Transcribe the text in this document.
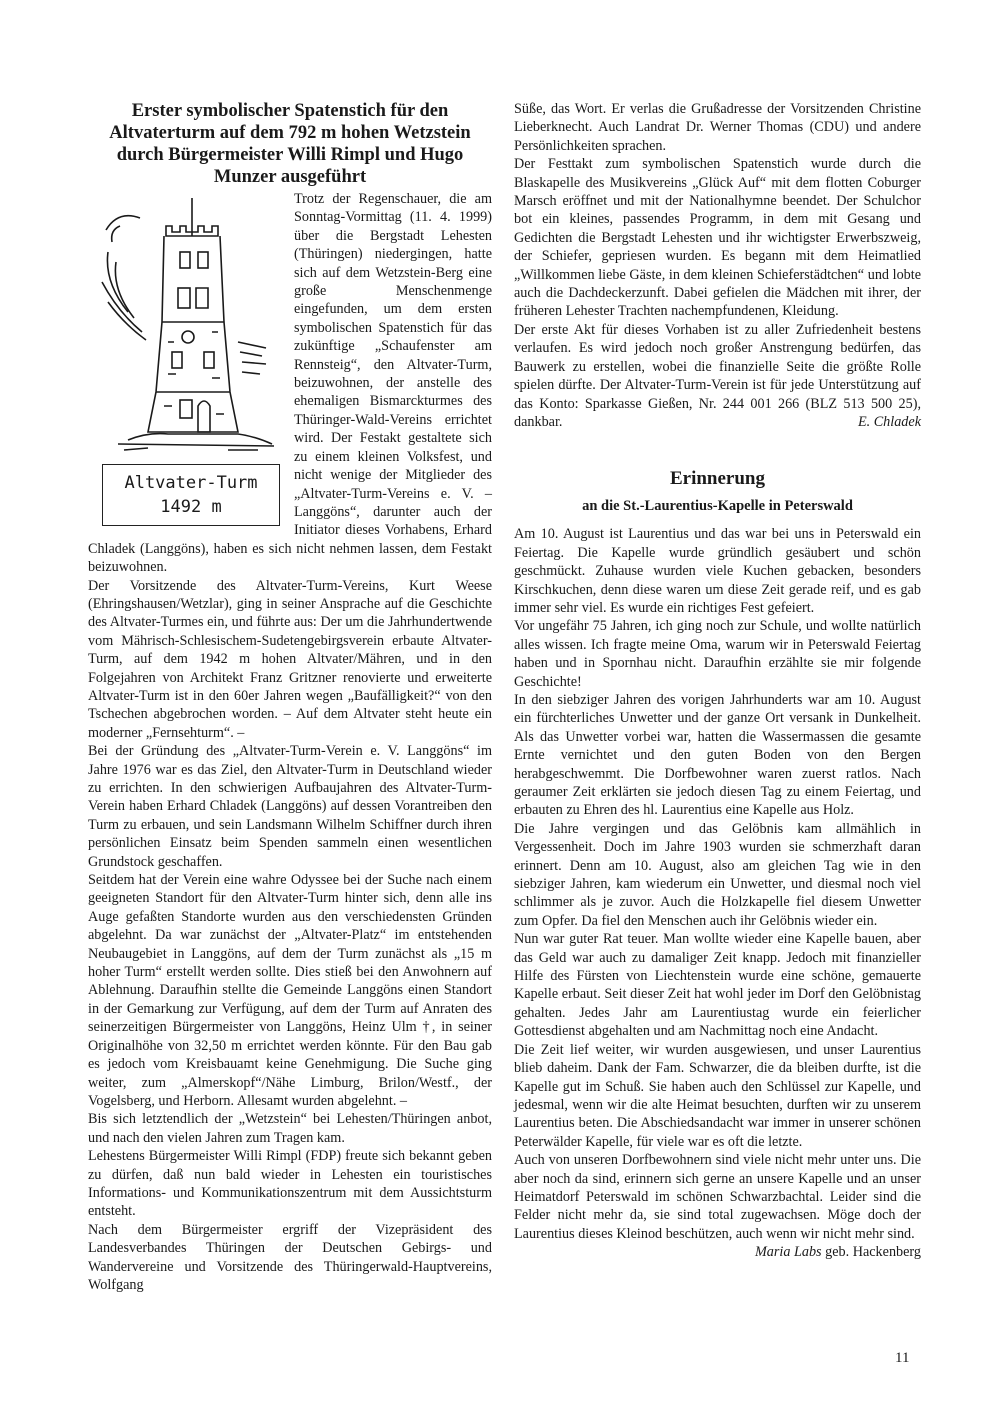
Erster symbolischer Spatenstich für den Altvaterturm auf dem 792 m hohen Wetzstein durch Bürgermeister Willi Rimpl und Hugo Munzer ausgeführt
Altvater-Turm
1492 m

Trotz der Regenschauer, die am Sonntag-Vormittag (11. 4. 1999) über die Bergstadt Lehesten (Thüringen) niedergingen, hatte sich auf dem Wetzstein-Berg eine große Menschenmenge eingefunden, um dem ersten symbolischen Spatenstich für das zukünftige „Schaufenster am Rennsteig“, den Altvater-Turm, beizuwohnen, der anstelle des ehemaligen Bismarckturmes des Thüringer-Wald-Vereins errichtet wird. Der Festakt gestaltete sich zu einem kleinen Volksfest, und nicht wenige der Mitglieder des „Altvater-Turm-Vereins e. V. – Langgöns“, darunter auch der Initiator dieses Vorhabens, Erhard Chladek (Langgöns), haben es sich nicht nehmen lassen, dem Festakt beizuwohnen.

Der Vorsitzende des Altvater-Turm-Vereins, Kurt Weese (Ehringshausen/Wetzlar), ging in seiner Ansprache auf die Geschichte des Altvater-Turmes ein, und führte aus: Der um die Jahrhundertwende vom Mährisch-Schlesischem-Sudetengebirgsverein erbaute Altvater-Turm, auf dem 1942 m hohen Altvater/Mähren, und in den Folgejahren von Architekt Franz Gritzner renovierte und erweiterte Altvater-Turm ist in den 60er Jahren wegen „Baufälligkeit?“ von den Tschechen abgebrochen worden. – Auf dem Altvater steht heute ein moderner „Fernsehturm“. –

Bei der Gründung des „Altvater-Turm-Verein e. V. Langgöns“ im Jahre 1976 war es das Ziel, den Altvater-Turm in Deutschland wieder zu errichten. In den schwierigen Aufbaujahren des Altvater-Turm-Verein haben Erhard Chladek (Langgöns) auf dessen Vorantreiben den Turm zu erbauen, und sein Landsmann Wilhelm Schiffner durch ihren persönlichen Einsatz beim Spenden sammeln einen wesentlichen Grundstock geschaffen.

Seitdem hat der Verein eine wahre Odyssee bei der Suche nach einem geeigneten Standort für den Altvater-Turm hinter sich, denn alle ins Auge gefaßten Standorte wurden aus den verschiedensten Gründen abgelehnt. Da war zunächst der „Altvater-Platz“ im entstehenden Neubaugebiet in Langgöns, auf dem der Turm zunächst als „15 m hoher Turm“ erstellt werden sollte. Dies stieß bei den Anwohnern auf Ablehnung. Daraufhin stellte die Gemeinde Langgöns einen Standort in der Gemarkung zur Verfügung, auf dem der Turm auf Anraten des seinerzeitigen Bürgermeister von Langgöns, Heinz Ulm †, in seiner Originalhöhe von 32,50 m errichtet werden könnte. Für den Bau gab es jedoch vom Kreisbauamt keine Genehmigung. Die Suche ging weiter, zum „Almerskopf“/Nähe Limburg, Brilon/Westf., der Vogelsberg, und Herborn. Allesamt wurden abgelehnt. –

Bis sich letztendlich der „Wetzstein“ bei Lehesten/Thüringen anbot, und nach den vielen Jahren zum Tragen kam.

Lehestens Bürgermeister Willi Rimpl (FDP) freute sich bekannt geben zu dürfen, daß nun bald wieder in Lehesten ein touristisches Informations- und Kommunikationszentrum mit dem Aussichtsturm entsteht.

Nach dem Bürgermeister ergriff der Vizepräsident des Landesverbandes Thüringen der Deutschen Gebirgs- und Wandervereine und Vorsitzende des Thüringerwald-Hauptvereins, Wolfgang

Süße, das Wort. Er verlas die Grußadresse der Vorsitzenden Christine Lieberknecht. Auch Landrat Dr. Werner Thomas (CDU) und andere Persönlichkeiten sprachen.

Der Festtakt zum symbolischen Spatenstich wurde durch die Blaskapelle des Musikvereins „Glück Auf“ mit dem flotten Coburger Marsch eröffnet und mit der Nationalhymne beendet. Der Schulchor bot ein kleines, passendes Programm, in dem mit Gesang und Gedichten die Bergstadt Lehesten und ihr wichtigster Erwerbszweig, der Schiefer, gepriesen wurden. Es begann mit dem Heimatlied „Willkommen liebe Gäste, in dem kleinen Schieferstädtchen“ und lobte auch die Dachdeckerzunft. Dabei gefielen die Mädchen mit ihrer, der früheren Lehester Trachten nachempfundenen, Kleidung.

Der erste Akt für dieses Vorhaben ist zu aller Zufriedenheit bestens verlaufen. Es wird jedoch noch großer Anstrengung bedürfen, das Bauwerk zu erstellen, wobei die finanzielle Seite die größte Rolle spielen dürfte. Der Altvater-Turm-Verein ist für jede Unterstützung auf das Konto: Sparkasse Gießen, Nr. 244 001 266 (BLZ 513 500 25), dankbar.	E. Chladek

Erinnerung
an die St.-Laurentius-Kapelle in Peterswald

Am 10. August ist Laurentius und das war bei uns in Peterswald ein Feiertag. Die Kapelle wurde gründlich gesäubert und schön geschmückt. Zuhause wurden viele Kuchen gebacken, besonders Kirschkuchen, denn diese waren um diese Zeit gerade reif, und es gab immer sehr viel. Es wurde ein richtiges Fest gefeiert.

Vor ungefähr 75 Jahren, ich ging noch zur Schule, und wollte natürlich alles wissen. Ich fragte meine Oma, warum wir in Peterswald Feiertag haben und in Spornhau nicht. Daraufhin erzählte sie mir folgende Geschichte!

In den siebziger Jahren des vorigen Jahrhunderts war am 10. August ein fürchterliches Unwetter und der ganze Ort versank in Dunkelheit. Als das Unwetter vorbei war, hatten die Wassermassen die gesamte Ernte vernichtet und den guten Boden von den Bergen herabgeschwemmt. Die Dorfbewohner waren zuerst ratlos. Nach geraumer Zeit erklärten sie jedoch diesen Tag zu einem Feiertag, und erbauten zu Ehren des hl. Laurentius eine Kapelle aus Holz.

Die Jahre vergingen und das Gelöbnis kam allmählich in Vergessenheit. Doch im Jahre 1903 wurden sie schmerzhaft daran erinnert. Denn am 10. August, also am gleichen Tag wie in den siebziger Jahren, kam wiederum ein Unwetter, und diesmal noch viel schlimmer als je zuvor. Auch die Holzkapelle fiel diesem Unwetter zum Opfer. Da fiel den Menschen auch ihr Gelöbnis wieder ein.

Nun war guter Rat teuer. Man wollte wieder eine Kapelle bauen, aber das Geld war auch zu damaliger Zeit knapp. Jedoch mit finanzieller Hilfe des Fürsten von Liechtenstein wurde eine schöne, gemauerte Kapelle erbaut. Seit dieser Zeit hat wohl jeder im Dorf den Gelöbnistag gehalten. Jedes Jahr am Laurentiustag wurde ein feierlicher Gottesdienst abgehalten und am Nachmittag noch eine Andacht.

Die Zeit lief weiter, wir wurden ausgewiesen, und unser Laurentius blieb daheim. Dank der Fam. Schwarzer, die da bleiben durfte, ist die Kapelle gut im Schuß. Sie haben auch den Schlüssel zur Kapelle, und jedesmal, wenn wir die alte Heimat besuchten, durften wir zu unserem Laurentius beten. Die Abschiedsandacht war immer in unserer schönen Peterwälder Kapelle, für viele war es oft die letzte.

Auch von unseren Dorfbewohnern sind viele nicht mehr unter uns. Die aber noch da sind, erinnern sich gerne an unsere Kapelle und an unser Heimatdorf Peterswald im schönen Schwarzbachtal. Leider sind die Felder nicht mehr da, sie sind total zugewachsen. Möge doch der Laurentius dieses Kleinod beschützen, auch wenn wir nicht mehr sind.
Maria Labs geb. Hackenberg

11
